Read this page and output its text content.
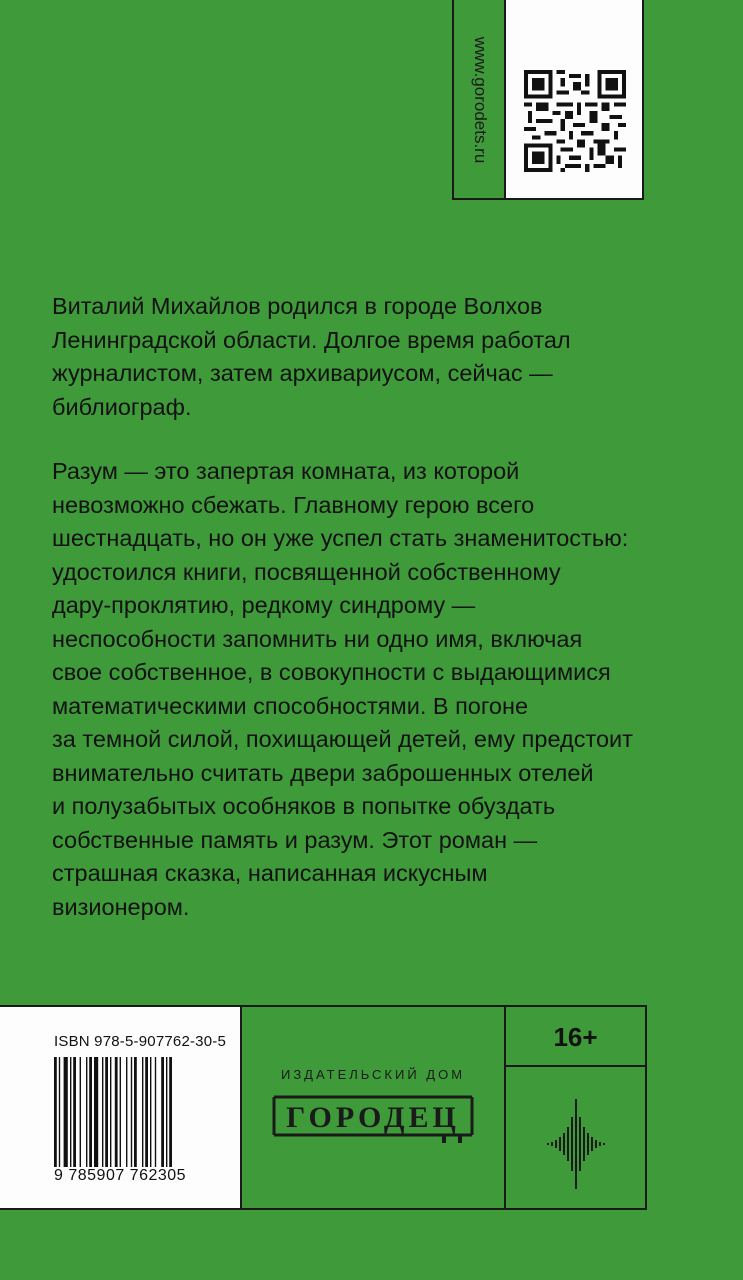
www.gorodets.ru
Виталий Михайлов родился в городе Волхов
Ленинградской области. Долгое время работал
журналистом, затем архивариусом, сейчас —
библиограф.
Разум — это запертая комната, из которой
невозможно сбежать. Главному герою всего
шестнадцать, но он уже успел стать знаменитостью:
удостоился книги, посвященной собственному
дару-проклятию, редкому синдрому —
неспособности запомнить ни одно имя, включая
свое собственное, в совокупности с выдающимися
математическими способностями. В погоне
за темной силой, похищающей детей, ему предстоит
внимательно считать двери заброшенных отелей
и полузабытых особняков в попытке обуздать
собственные память и разум. Этот роман —
страшная сказка, написанная искусным
визионером.
ISBN 978-5-907762-30-5
9 785907 762305
ИЗДАТЕЛЬСКИЙ ДОМ
ГОРОДЕЦ
16+
